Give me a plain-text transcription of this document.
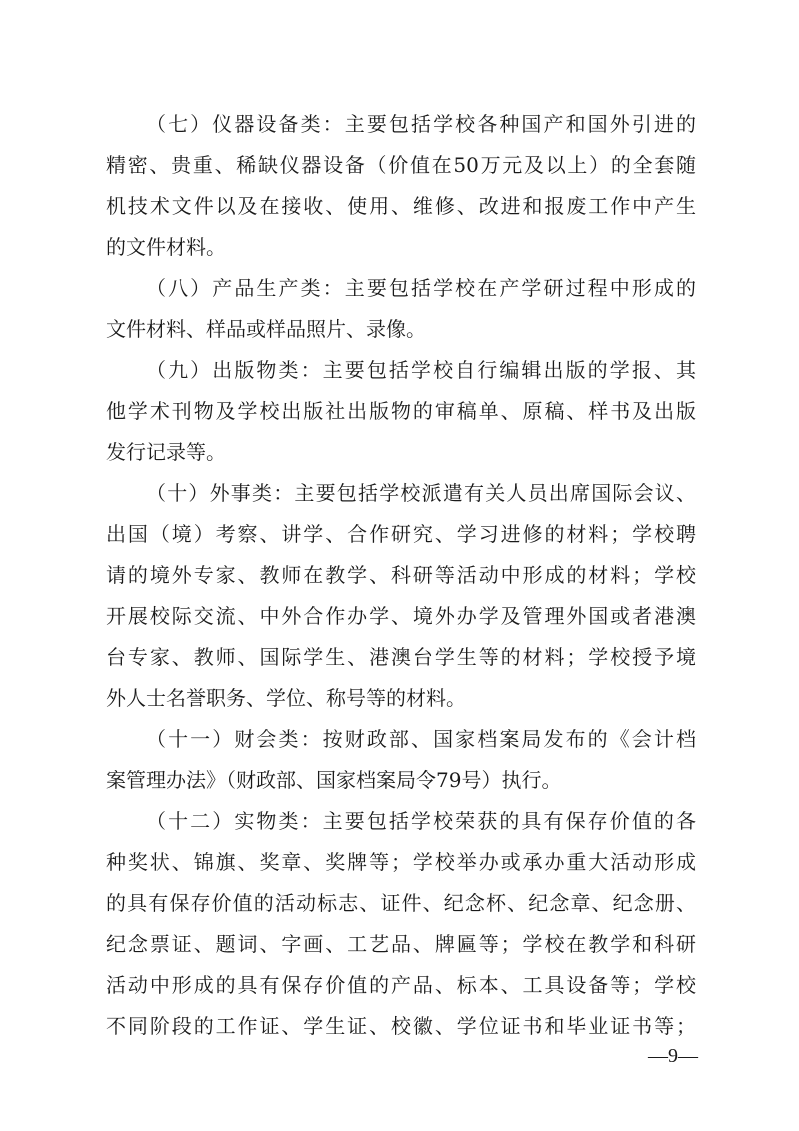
（七）仪器设备类：主要包括学校各种国产和国外引进的
精密、贵重、稀缺仪器设备（价值在50万元及以上）的全套随
机技术文件以及在接收、使用、维修、改进和报废工作中产生
的文件材料。
（八）产品生产类：主要包括学校在产学研过程中形成的
文件材料、样品或样品照片、录像。
（九）出版物类：主要包括学校自行编辑出版的学报、其
他学术刊物及学校出版社出版物的审稿单、原稿、样书及出版
发行记录等。
（十）外事类：主要包括学校派遣有关人员出席国际会议、
出国（境）考察、讲学、合作研究、学习进修的材料；学校聘
请的境外专家、教师在教学、科研等活动中形成的材料；学校
开展校际交流、中外合作办学、境外办学及管理外国或者港澳
台专家、教师、国际学生、港澳台学生等的材料；学校授予境
外人士名誉职务、学位、称号等的材料。
（十一）财会类：按财政部、国家档案局发布的《会计档
案管理办法》（财政部、国家档案局令79号）执行。
（十二）实物类：主要包括学校荣获的具有保存价值的各
种奖状、锦旗、奖章、奖牌等；学校举办或承办重大活动形成
的具有保存价值的活动标志、证件、纪念杯、纪念章、纪念册、
纪念票证、题词、字画、工艺品、牌匾等；学校在教学和科研
活动中形成的具有保存价值的产品、标本、工具设备等；学校
不同阶段的工作证、学生证、校徽、学位证书和毕业证书等；
—9—
